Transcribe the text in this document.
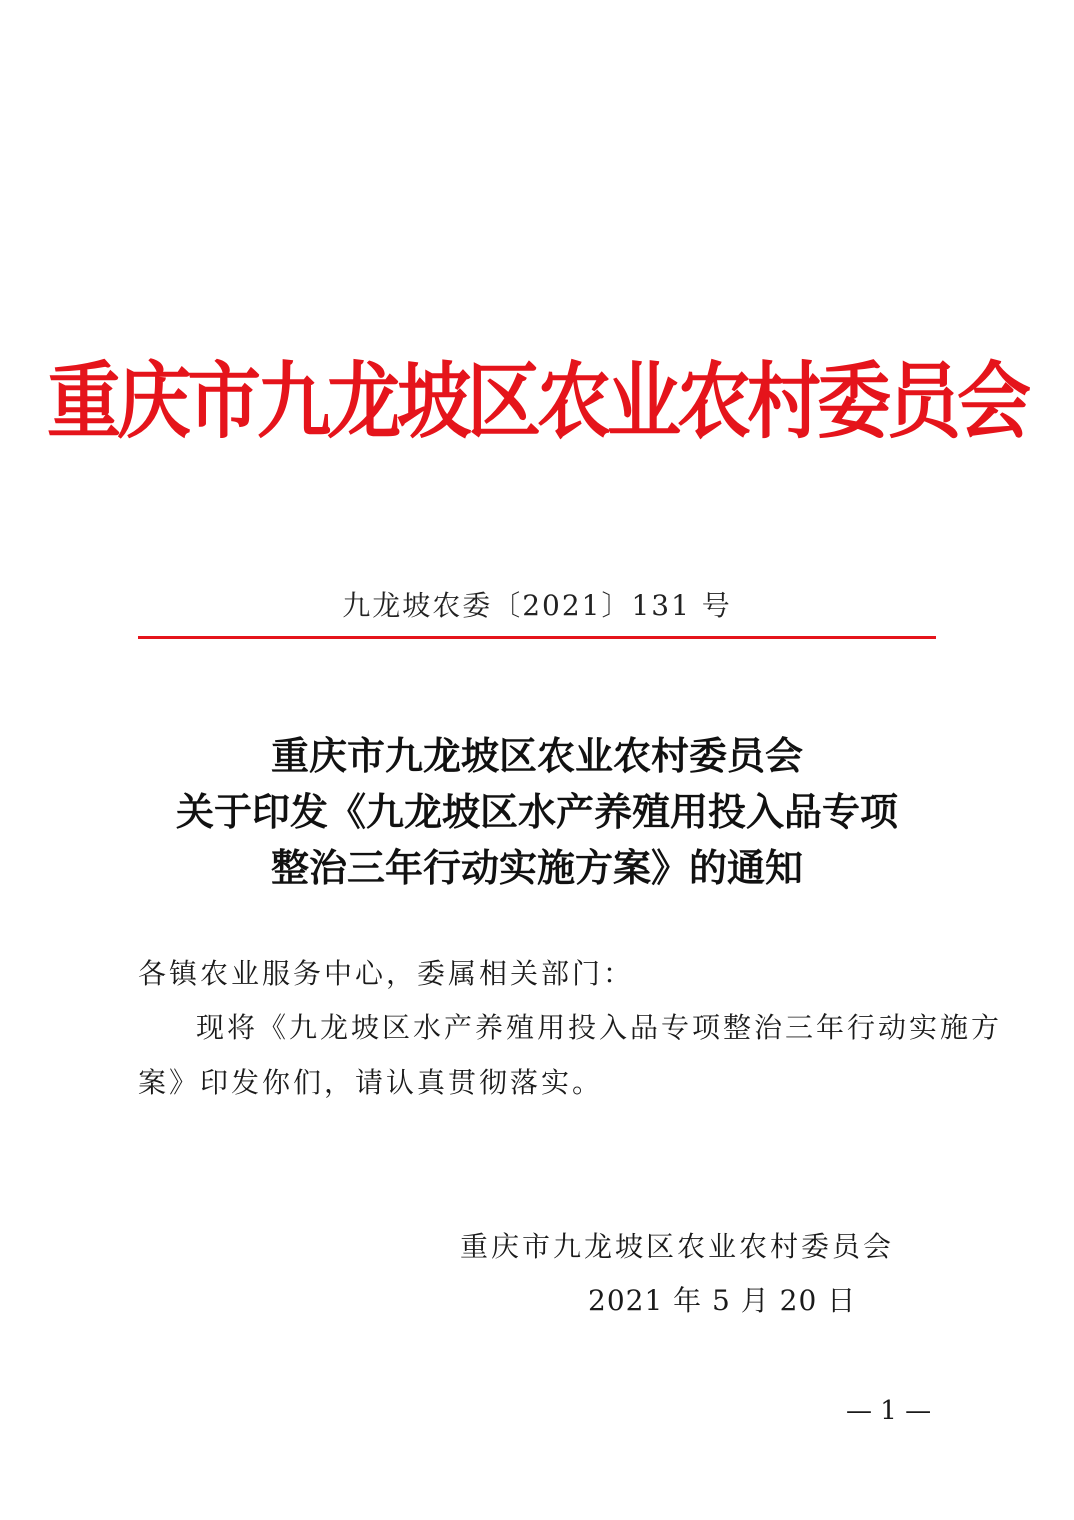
重庆市九龙坡区农业农村委员会
九龙坡农委〔2021〕131 号
重庆市九龙坡区农业农村委员会
关于印发《九龙坡区水产养殖用投入品专项
整治三年行动实施方案》的通知
各镇农业服务中心，委属相关部门：
现将《九龙坡区水产养殖用投入品专项整治三年行动实施方
案》印发你们，请认真贯彻落实。
重庆市九龙坡区农业农村委员会
2021 年 5 月 20 日
— 1 —
